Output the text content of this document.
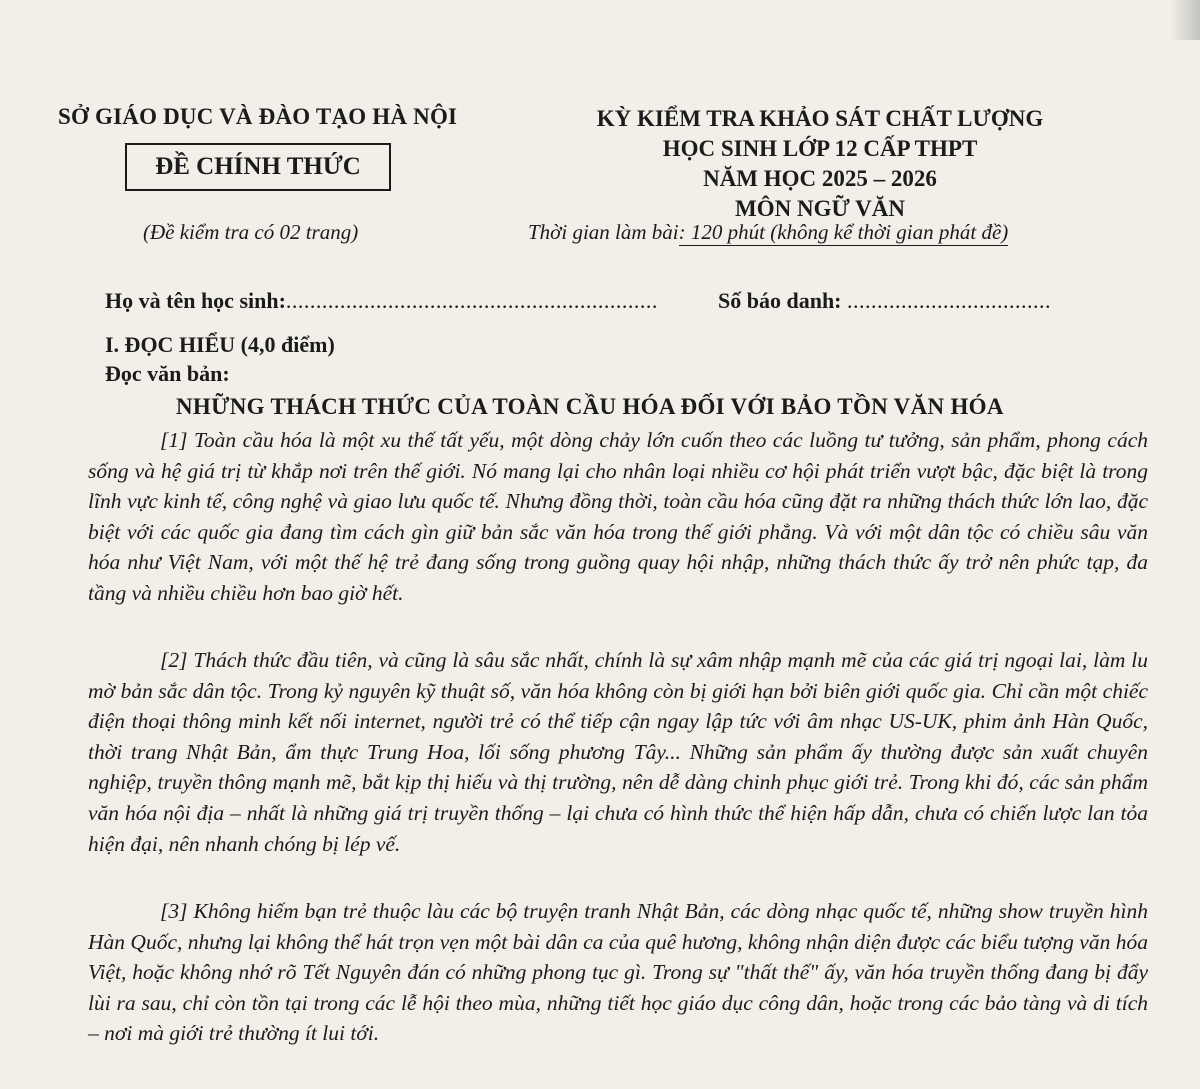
SỞ GIÁO DỤC VÀ ĐÀO TẠO HÀ NỘI
ĐỀ CHÍNH THỨC
(Đề kiểm tra có 02 trang)
KỲ KIỂM TRA KHẢO SÁT CHẤT LƯỢNG
HỌC SINH LỚP 12 CẤP THPT
NĂM HỌC 2025 – 2026
MÔN NGỮ VĂN
Thời gian làm bài: 120 phút (không kể thời gian phát đề)
Họ và tên học sinh:..............................................................	Số báo danh: ..................................
I. ĐỌC HIỂU (4,0 điểm)
Đọc văn bản:
NHỮNG THÁCH THỨC CỦA TOÀN CẦU HÓA ĐỐI VỚI BẢO TỒN VĂN HÓA

[1] Toàn cầu hóa là một xu thế tất yếu, một dòng chảy lớn cuốn theo các luồng tư tưởng, sản phẩm, phong cách sống và hệ giá trị từ khắp nơi trên thế giới. Nó mang lại cho nhân loại nhiều cơ hội phát triển vượt bậc, đặc biệt là trong lĩnh vực kinh tế, công nghệ và giao lưu quốc tế. Nhưng đồng thời, toàn cầu hóa cũng đặt ra những thách thức lớn lao, đặc biệt với các quốc gia đang tìm cách gìn giữ bản sắc văn hóa trong thế giới phẳng. Và với một dân tộc có chiều sâu văn hóa như Việt Nam, với một thế hệ trẻ đang sống trong guồng quay hội nhập, những thách thức ấy trở nên phức tạp, đa tầng và nhiều chiều hơn bao giờ hết.

[2] Thách thức đầu tiên, và cũng là sâu sắc nhất, chính là sự xâm nhập mạnh mẽ của các giá trị ngoại lai, làm lu mờ bản sắc dân tộc. Trong kỷ nguyên kỹ thuật số, văn hóa không còn bị giới hạn bởi biên giới quốc gia. Chỉ cần một chiếc điện thoại thông minh kết nối internet, người trẻ có thể tiếp cận ngay lập tức với âm nhạc US-UK, phim ảnh Hàn Quốc, thời trang Nhật Bản, ẩm thực Trung Hoa, lối sống phương Tây... Những sản phẩm ấy thường được sản xuất chuyên nghiệp, truyền thông mạnh mẽ, bắt kịp thị hiếu và thị trường, nên dễ dàng chinh phục giới trẻ. Trong khi đó, các sản phẩm văn hóa nội địa – nhất là những giá trị truyền thống – lại chưa có hình thức thể hiện hấp dẫn, chưa có chiến lược lan tỏa hiện đại, nên nhanh chóng bị lép vế.

[3] Không hiếm bạn trẻ thuộc làu các bộ truyện tranh Nhật Bản, các dòng nhạc quốc tế, những show truyền hình Hàn Quốc, nhưng lại không thể hát trọn vẹn một bài dân ca của quê hương, không nhận diện được các biểu tượng văn hóa Việt, hoặc không nhớ rõ Tết Nguyên đán có những phong tục gì. Trong sự "thất thế" ấy, văn hóa truyền thống đang bị đẩy lùi ra sau, chỉ còn tồn tại trong các lễ hội theo mùa, những tiết học giáo dục công dân, hoặc trong các bảo tàng và di tích – nơi mà giới trẻ thường ít lui tới.
